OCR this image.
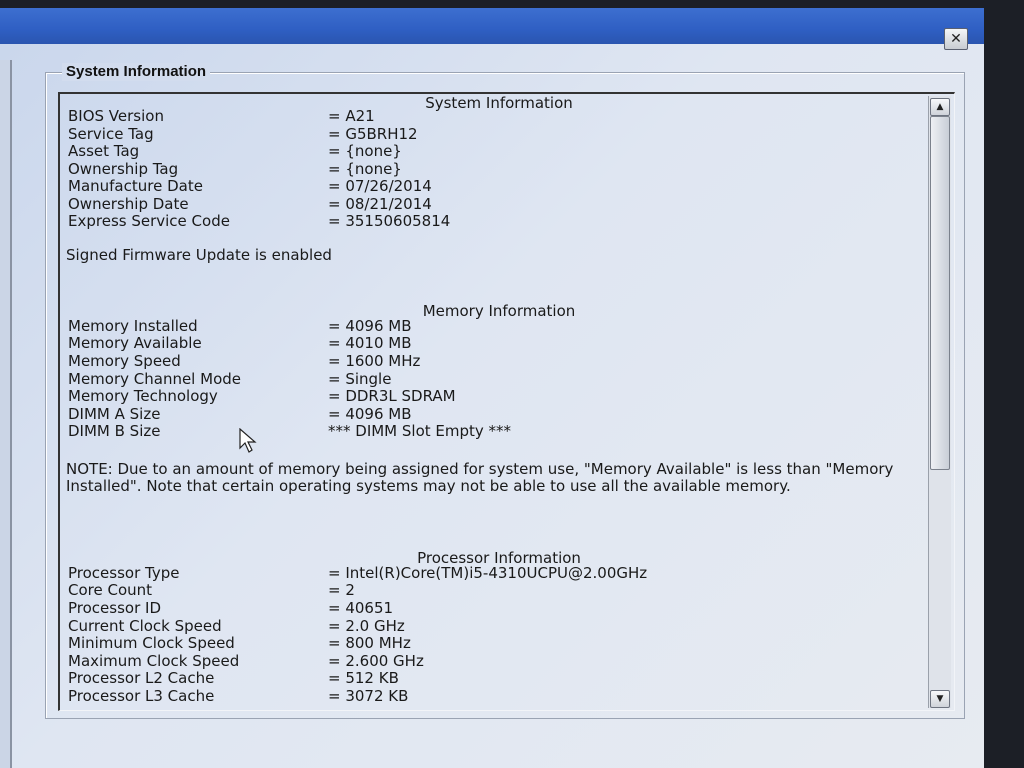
✕
System Information
▲
▼
System Information
BIOS Version	= A21
Service Tag	= G5BRH12
Asset Tag	= {none}
Ownership Tag	= {none}
Manufacture Date	= 07/26/2014
Ownership Date	= 08/21/2014
Express Service Code	= 35150605814
Signed Firmware Update is enabled
Memory Information
Memory Installed	= 4096 MB
Memory Available	= 4010 MB
Memory Speed	= 1600 MHz
Memory Channel Mode	= Single
Memory Technology	= DDR3L SDRAM
DIMM A Size	= 4096 MB
DIMM B Size	*** DIMM Slot Empty ***
NOTE: Due to an amount of memory being assigned for system use, "Memory Available" is less than "Memory Installed". Note that certain operating systems may not be able to use all the available memory.
Processor Information
Processor Type	= Intel(R)Core(TM)i5-4310UCPU@2.00GHz
Core Count	= 2
Processor ID	= 40651
Current Clock Speed	= 2.0 GHz
Minimum Clock Speed	= 800 MHz
Maximum Clock Speed	= 2.600 GHz
Processor L2 Cache	= 512 KB
Processor L3 Cache	= 3072 KB
